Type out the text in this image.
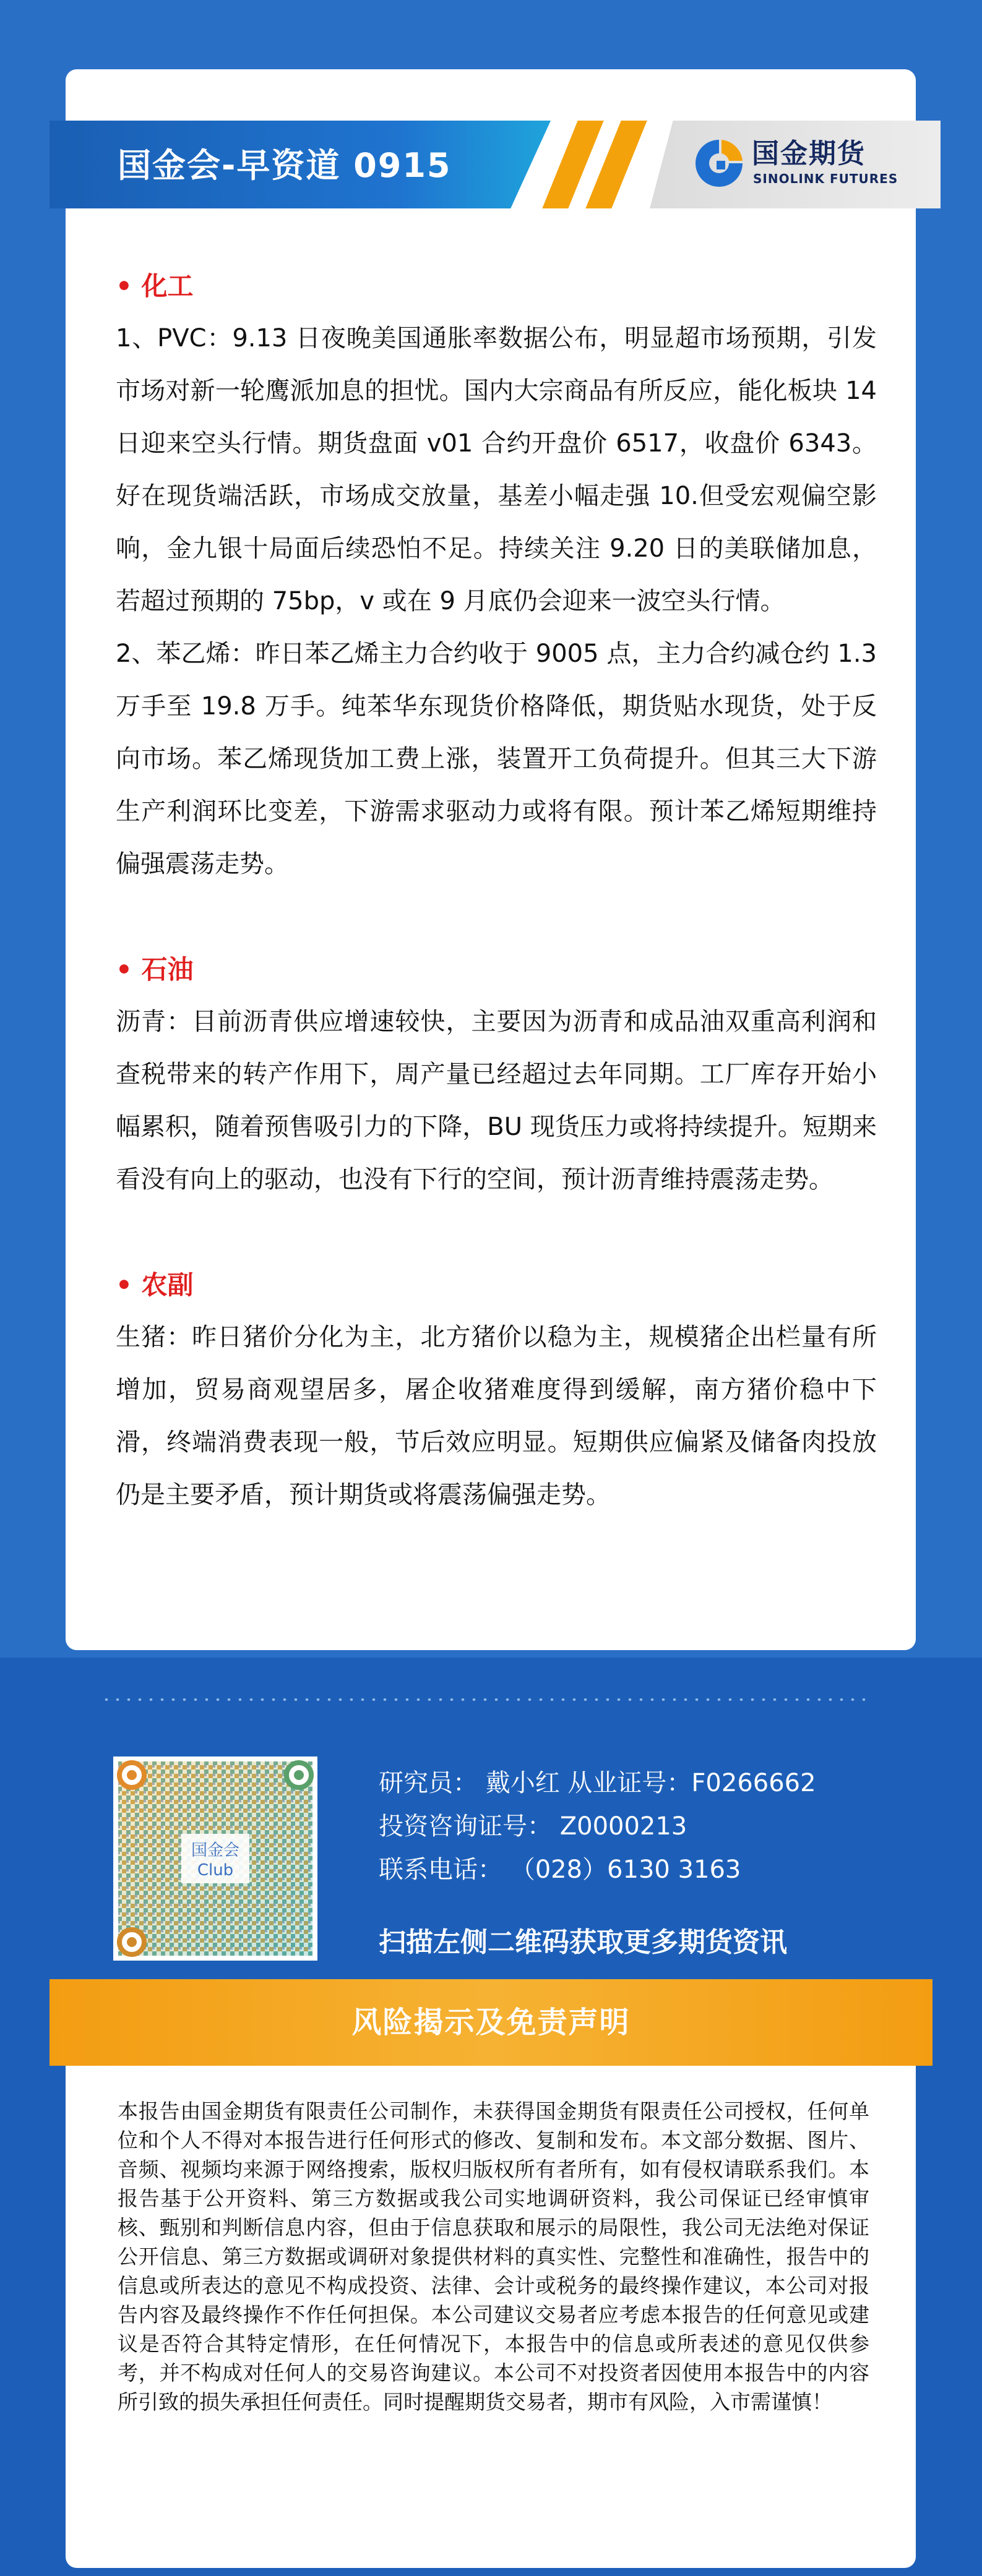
国金会-早资道 0915	国金期货
SINOLINK FUTURES
• 化工

1、PVC：9.13 日夜晚美国通胀率数据公布，明显超市场预期，引发市场对新一轮鹰派加息的担忧。国内大宗商品有所反应，能化板块 14 日迎来空头行情。期货盘面 v01 合约开盘价 6517，收盘价 6343。好在现货端活跃，市场成交放量，基差小幅走强 10.但受宏观偏空影响，金九银十局面后续恐怕不足。持续关注 9.20 日的美联储加息，若超过预期的 75bp，v 或在 9 月底仍会迎来一波空头行情。

2、苯乙烯：昨日苯乙烯主力合约收于 9005 点，主力合约减仓约 1.3 万手至 19.8 万手。纯苯华东现货价格降低，期货贴水现货，处于反向市场。苯乙烯现货加工费上涨，装置开工负荷提升。但其三大下游生产利润环比变差，下游需求驱动力或将有限。预计苯乙烯短期维持偏强震荡走势。

• 石油

沥青：目前沥青供应增速较快，主要因为沥青和成品油双重高利润和查税带来的转产作用下，周产量已经超过去年同期。工厂库存开始小幅累积，随着预售吸引力的下降，BU 现货压力或将持续提升。短期来看没有向上的驱动，也没有下行的空间，预计沥青维持震荡走势。

• 农副

生猪：昨日猪价分化为主，北方猪价以稳为主，规模猪企出栏量有所增加，贸易商观望居多，屠企收猪难度得到缓解，南方猪价稳中下滑，终端消费表现一般，节后效应明显。短期供应偏紧及储备肉投放仍是主要矛盾，预计期货或将震荡偏强走势。

国金会
Club
研究员： 戴小红 从业证号：F0266662
投资咨询证号： Z0000213
联系电话： （028）6130 3163
扫描左侧二维码获取更多期货资讯
风险揭示及免责声明
本报告由国金期货有限责任公司制作，未获得国金期货有限责任公司授权，任何单位和个人不得对本报告进行任何形式的修改、复制和发布。本文部分数据、图片、音频、视频均来源于网络搜索，版权归版权所有者所有，如有侵权请联系我们。本报告基于公开资料、第三方数据或我公司实地调研资料，我公司保证已经审慎审核、甄别和判断信息内容，但由于信息获取和展示的局限性，我公司无法绝对保证公开信息、第三方数据或调研对象提供材料的真实性、完整性和准确性，报告中的信息或所表达的意见不构成投资、法律、会计或税务的最终操作建议，本公司对报告内容及最终操作不作任何担保。本公司建议交易者应考虑本报告的任何意见或建议是否符合其特定情形，在任何情况下，本报告中的信息或所表述的意见仅供参考，并不构成对任何人的交易咨询建议。本公司不对投资者因使用本报告中的内容所引致的损失承担任何责任。同时提醒期货交易者，期市有风险，入市需谨慎！
